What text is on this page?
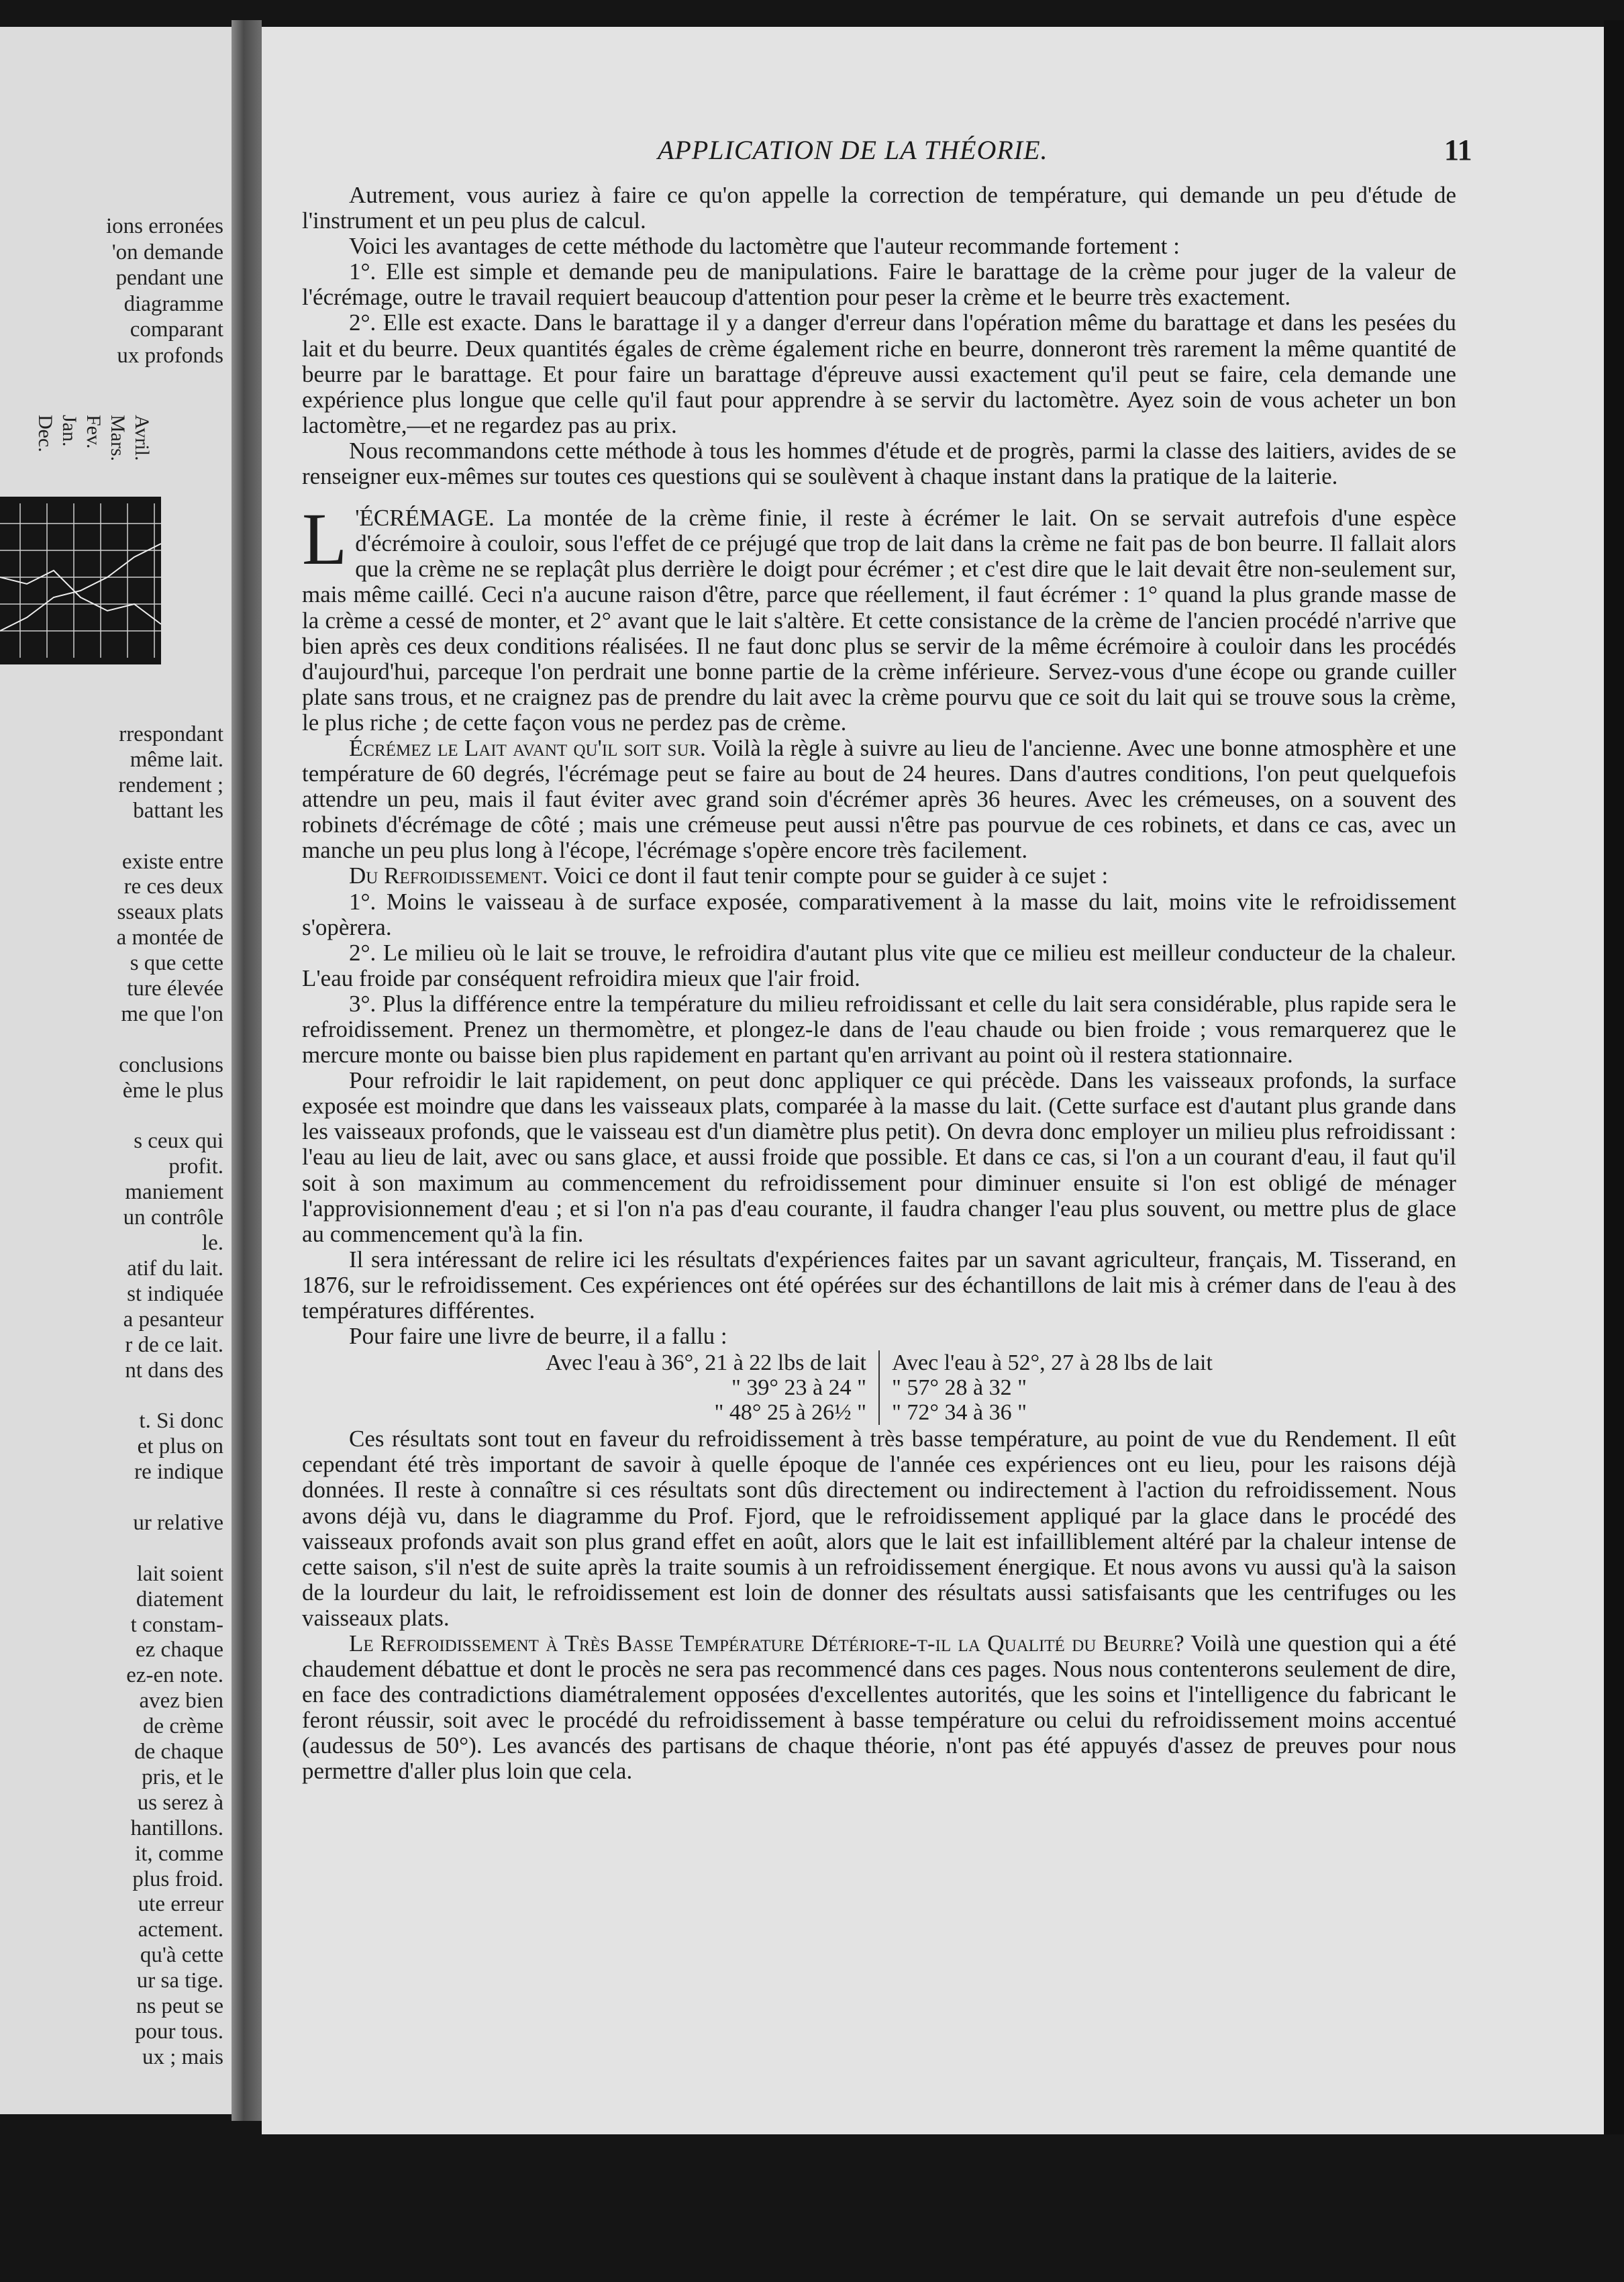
Avril.
Mars.
Fev.
Jan.
Dec.
ions erronées
'on demande
pendant une
diagramme
comparant
ux profonds
rrespondant
même lait.
rendement ;
battant les
existe entre
re ces deux
sseaux plats
a montée de
s que cette
ture élevée
me que l'on
conclusions
ème le plus
s ceux qui
profit.
maniement
un contrôle
le.
atif du lait.
st indiquée
a pesanteur
r de ce lait.
nt dans des
t. Si donc
et plus on
re indique
ur relative
lait soient
diatement
t constam-
ez chaque
ez-en note.
avez bien
de crème
de chaque
pris, et le
us serez à
hantillons.
it, comme
plus froid.
ute erreur
actement.
qu'à cette
ur sa tige.
ns peut se
pour tous.
ux ; mais
APPLICATION DE LA THÉORIE.	11

Autrement, vous auriez à faire ce qu'on appelle la correction de température, qui demande un peu d'étude de l'instrument et un peu plus de calcul.

Voici les avantages de cette méthode du lactomètre que l'auteur recommande fortement :

1°. Elle est simple et demande peu de manipulations. Faire le barattage de la crème pour juger de la valeur de l'écrémage, outre le travail requiert beaucoup d'attention pour peser la crème et le beurre très exactement.

2°. Elle est exacte. Dans le barattage il y a danger d'erreur dans l'opération même du barattage et dans les pesées du lait et du beurre. Deux quantités égales de crème également riche en beurre, donneront très rarement la même quantité de beurre par le barattage. Et pour faire un barattage d'épreuve aussi exactement qu'il peut se faire, cela demande une expérience plus longue que celle qu'il faut pour apprendre à se servir du lactomètre. Ayez soin de vous acheter un bon lactomètre,—et ne regardez pas au prix.

Nous recommandons cette méthode à tous les hommes d'étude et de progrès, parmi la classe des laitiers, avides de se renseigner eux-mêmes sur toutes ces questions qui se soulèvent à chaque instant dans la pratique de la laiterie.

L 'ÉCRÉMAGE. La montée de la crème finie, il reste à écrémer le lait. On se servait autrefois d'une espèce d'écrémoire à couloir, sous l'effet de ce préjugé que trop de lait dans la crème ne fait pas de bon beurre. Il fallait alors que la crème ne se replaçât plus derrière le doigt pour écrémer ; et c'est dire que le lait devait être non-seulement sur, mais même caillé. Ceci n'a aucune raison d'être, parce que réellement, il faut écrémer : 1° quand la plus grande masse de la crème a cessé de monter, et 2° avant que le lait s'altère. Et cette consistance de la crème de l'ancien procédé n'arrive que bien après ces deux conditions réalisées. Il ne faut donc plus se servir de la même écrémoire à couloir dans les procédés d'aujourd'hui, parceque l'on perdrait une bonne partie de la crème inférieure. Servez-vous d'une écope ou grande cuiller plate sans trous, et ne craignez pas de prendre du lait avec la crème pourvu que ce soit du lait qui se trouve sous la crème, le plus riche ; de cette façon vous ne perdez pas de crème.

Écrémez le Lait avant qu'il soit sur. Voilà la règle à suivre au lieu de l'ancienne. Avec une bonne atmosphère et une température de 60 degrés, l'écrémage peut se faire au bout de 24 heures. Dans d'autres conditions, l'on peut quelquefois attendre un peu, mais il faut éviter avec grand soin d'écrémer après 36 heures. Avec les crémeuses, on a souvent des robinets d'écrémage de côté ; mais une crémeuse peut aussi n'être pas pourvue de ces robinets, et dans ce cas, avec un manche un peu plus long à l'écope, l'écrémage s'opère encore très facilement.

Du Refroidissement. Voici ce dont il faut tenir compte pour se guider à ce sujet :

1°. Moins le vaisseau à de surface exposée, comparativement à la masse du lait, moins vite le refroidissement s'opèrera.

2°. Le milieu où le lait se trouve, le refroidira d'autant plus vite que ce milieu est meilleur conducteur de la chaleur. L'eau froide par conséquent refroidira mieux que l'air froid.

3°. Plus la différence entre la température du milieu refroidissant et celle du lait sera considérable, plus rapide sera le refroidissement. Prenez un thermomètre, et plongez-le dans de l'eau chaude ou bien froide ; vous remarquerez que le mercure monte ou baisse bien plus rapidement en partant qu'en arrivant au point où il restera stationnaire.

Pour refroidir le lait rapidement, on peut donc appliquer ce qui précède. Dans les vaisseaux profonds, la surface exposée est moindre que dans les vaisseaux plats, comparée à la masse du lait. (Cette surface est d'autant plus grande dans les vaisseaux profonds, que le vaisseau est d'un diamètre plus petit). On devra donc employer un milieu plus refroidissant : l'eau au lieu de lait, avec ou sans glace, et aussi froide que possible. Et dans ce cas, si l'on a un courant d'eau, il faut qu'il soit à son maximum au commencement du refroidissement pour diminuer ensuite si l'on est obligé de ménager l'approvisionnement d'eau ; et si l'on n'a pas d'eau courante, il faudra changer l'eau plus souvent, ou mettre plus de glace au commencement qu'à la fin.

Il sera intéressant de relire ici les résultats d'expériences faites par un savant agriculteur, français, M. Tisserand, en 1876, sur le refroidissement. Ces expériences ont été opérées sur des échantillons de lait mis à crémer dans de l'eau à des températures différentes.

Pour faire une livre de beurre, il a fallu :

Avec l'eau à 36°, 21 à 22 lbs de lait
" 39° 23 à 24 "
" 48° 25 à 26½ "
Avec l'eau à 52°, 27 à 28 lbs de lait
" 57° 28 à 32 "
" 72° 34 à 36 "

Ces résultats sont tout en faveur du refroidissement à très basse température, au point de vue du Rendement. Il eût cependant été très important de savoir à quelle époque de l'année ces expériences ont eu lieu, pour les raisons déjà données. Il reste à connaître si ces résultats sont dûs directement ou indirectement à l'action du refroidissement. Nous avons déjà vu, dans le diagramme du Prof. Fjord, que le refroidissement appliqué par la glace dans le procédé des vaisseaux profonds avait son plus grand effet en août, alors que le lait est infailliblement altéré par la chaleur intense de cette saison, s'il n'est de suite après la traite soumis à un refroidissement énergique. Et nous avons vu aussi qu'à la saison de la lourdeur du lait, le refroidissement est loin de donner des résultats aussi satisfaisants que les centrifuges ou les vaisseaux plats.

Le Refroidissement à Très Basse Température Détériore-t-il la Qualité du Beurre? Voilà une question qui a été chaudement débattue et dont le procès ne sera pas recommencé dans ces pages. Nous nous contenterons seulement de dire, en face des contradictions diamétralement opposées d'excellentes autorités, que les soins et l'intelligence du fabricant le feront réussir, soit avec le procédé du refroidissement à basse température ou celui du refroidissement moins accentué (audessus de 50°). Les avancés des partisans de chaque théorie, n'ont pas été appuyés d'assez de preuves pour nous permettre d'aller plus loin que cela.
